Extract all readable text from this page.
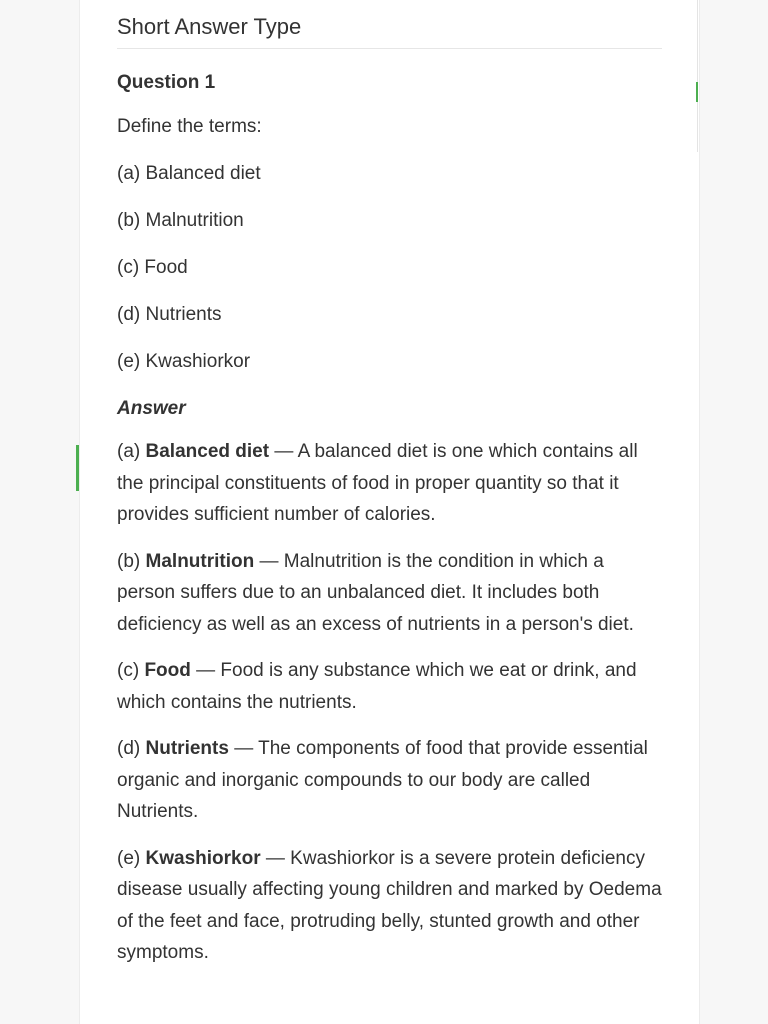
Short Answer Type
Question 1

Define the terms:

(a) Balanced diet

(b) Malnutrition

(c) Food

(d) Nutrients

(e) Kwashiorkor

Answer

(a) Balanced diet — A balanced diet is one which contains all the principal constituents of food in proper quantity so that it provides sufficient number of calories.

(b) Malnutrition — Malnutrition is the condition in which a person suffers due to an unbalanced diet. It includes both deficiency as well as an excess of nutrients in a person's diet.

(c) Food — Food is any substance which we eat or drink, and which contains the nutrients.

(d) Nutrients — The components of food that provide essential organic and inorganic compounds to our body are called Nutrients.

(e) Kwashiorkor — Kwashiorkor is a severe protein deficiency disease usually affecting young children and marked by Oedema of the feet and face, protruding belly, stunted growth and other symptoms.
